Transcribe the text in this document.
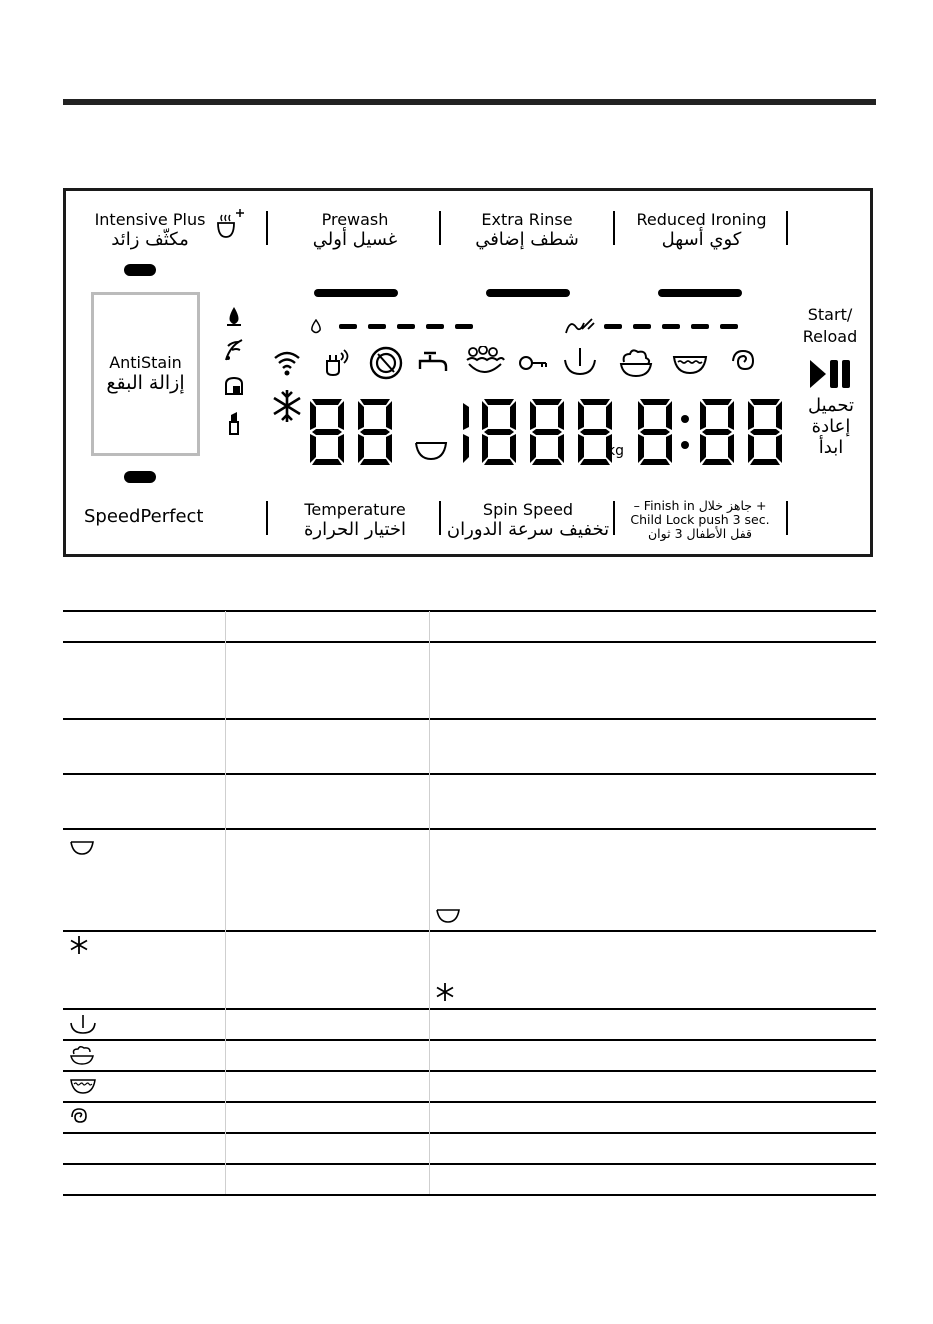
Intensive Plus
مكثّف زائد
Prewash
غسيل أولي
Extra Rinse
شطف إضافي
Reduced Ironing
كوي أسهل
AntiStain
إزالة البقع
kg
Start/
Reload
تحميل
إعادة
ابدأ
SpeedPerfect	Temperature
اختيار الحرارة
Spin Speed
تخفيف سرعة الدوران
– Finish in جاهز خلال +
Child Lock push 3 sec.
قفل الأطفال 3 ثوان
